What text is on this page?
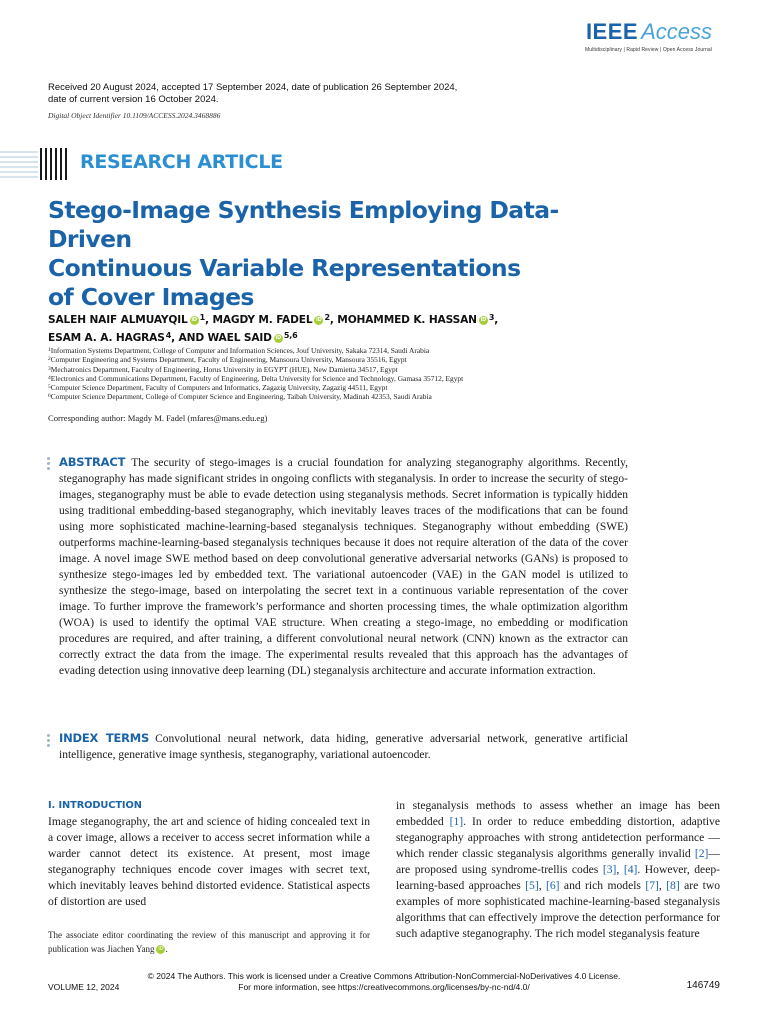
IEEE Access
Multidisciplinary | Rapid Review | Open Access Journal
Received 20 August 2024, accepted 17 September 2024, date of publication 26 September 2024,
date of current version 16 October 2024.
Digital Object Identifier 10.1109/ACCESS.2024.3468886
RESEARCH ARTICLE
Stego-Image Synthesis Employing Data-Driven
Continuous Variable Representations
of Cover Images
SALEH NAIF ALMUAYQIL iD $^1$, MAGDY M. FADEL iD $^2$, MOHAMMED K. HASSAN iD $^3$,
ESAM A. A. HAGRAS$^4$, AND WAEL SAID iD $^{5,6}$
$^1$Information Systems Department, College of Computer and Information Sciences, Jouf University, Sakaka 72314, Saudi Arabia
$^2$Computer Engineering and Systems Department, Faculty of Engineering, Mansoura University, Mansoura 35516, Egypt
$^3$Mechatronics Department, Faculty of Engineering, Horus University in EGYPT (HUE), New Damietta 34517, Egypt
$^4$Electronics and Communications Department, Faculty of Engineering, Delta University for Science and Technology, Gamasa 35712, Egypt
$^5$Computer Science Department, Faculty of Computers and Informatics, Zagazig University, Zagazig 44511, Egypt
$^6$Computer Science Department, College of Computer Science and Engineering, Taibah University, Madinah 42353, Saudi Arabia
Corresponding author: Magdy M. Fadel (mfares@mans.edu.eg)

ABSTRACT The security of stego-images is a crucial foundation for analyzing steganography algorithms. Recently, steganography has made significant strides in ongoing conflicts with steganalysis. In order to increase the security of stego-images, steganography must be able to evade detection using steganalysis methods. Secret information is typically hidden using traditional embedding-based steganography, which inevitably leaves traces of the modifications that can be found using more sophisticated machine-learning-based steganalysis techniques. Steganography without embedding (SWE) outperforms machine-learning-based steganalysis techniques because it does not require alteration of the data of the cover image. A novel image SWE method based on deep convolutional generative adversarial networks (GANs) is proposed to synthesize stego-images led by embedded text. The variational autoencoder (VAE) in the GAN model is utilized to synthesize the stego-image, based on interpolating the secret text in a continuous variable representation of the cover image. To further improve the framework’s performance and shorten processing times, the whale optimization algorithm (WOA) is used to identify the optimal VAE structure. When creating a stego-image, no embedding or modification procedures are required, and after training, a different convolutional neural network (CNN) known as the extractor can correctly extract the data from the image. The experimental results revealed that this approach has the advantages of evading detection using innovative deep learning (DL) steganalysis architecture and accurate information extraction.

INDEX TERMS Convolutional neural network, data hiding, generative adversarial network, generative artificial intelligence, generative image synthesis, steganography, variational autoencoder.

I. INTRODUCTION

Image steganography, the art and science of hiding concealed text in a cover image, allows a receiver to access secret information while a warder cannot detect its existence. At present, most image steganography techniques encode cover images with secret text, which inevitably leaves behind distorted evidence. Statistical aspects of distortion are used

in steganalysis methods to assess whether an image has been embedded [1]. In order to reduce embedding distortion, adaptive steganography approaches with strong antidetection performance —which render classic steganalysis algorithms generally invalid [2]— are proposed using syndrome-trellis codes [3], [4]. However, deep-learning-based approaches [5], [6] and rich models [7], [8] are two examples of more sophisticated machine-learning-based steganalysis algorithms that can effectively improve the detection performance for such adaptive steganography. The rich model steganalysis feature

The associate editor coordinating the review of this manuscript and approving it for publication was Jiachen Yang iD .

© 2024 The Authors. This work is licensed under a Creative Commons Attribution-NonCommercial-NoDerivatives 4.0 License.
For more information, see https://creativecommons.org/licenses/by-nc-nd/4.0/
VOLUME 12, 2024	146749
